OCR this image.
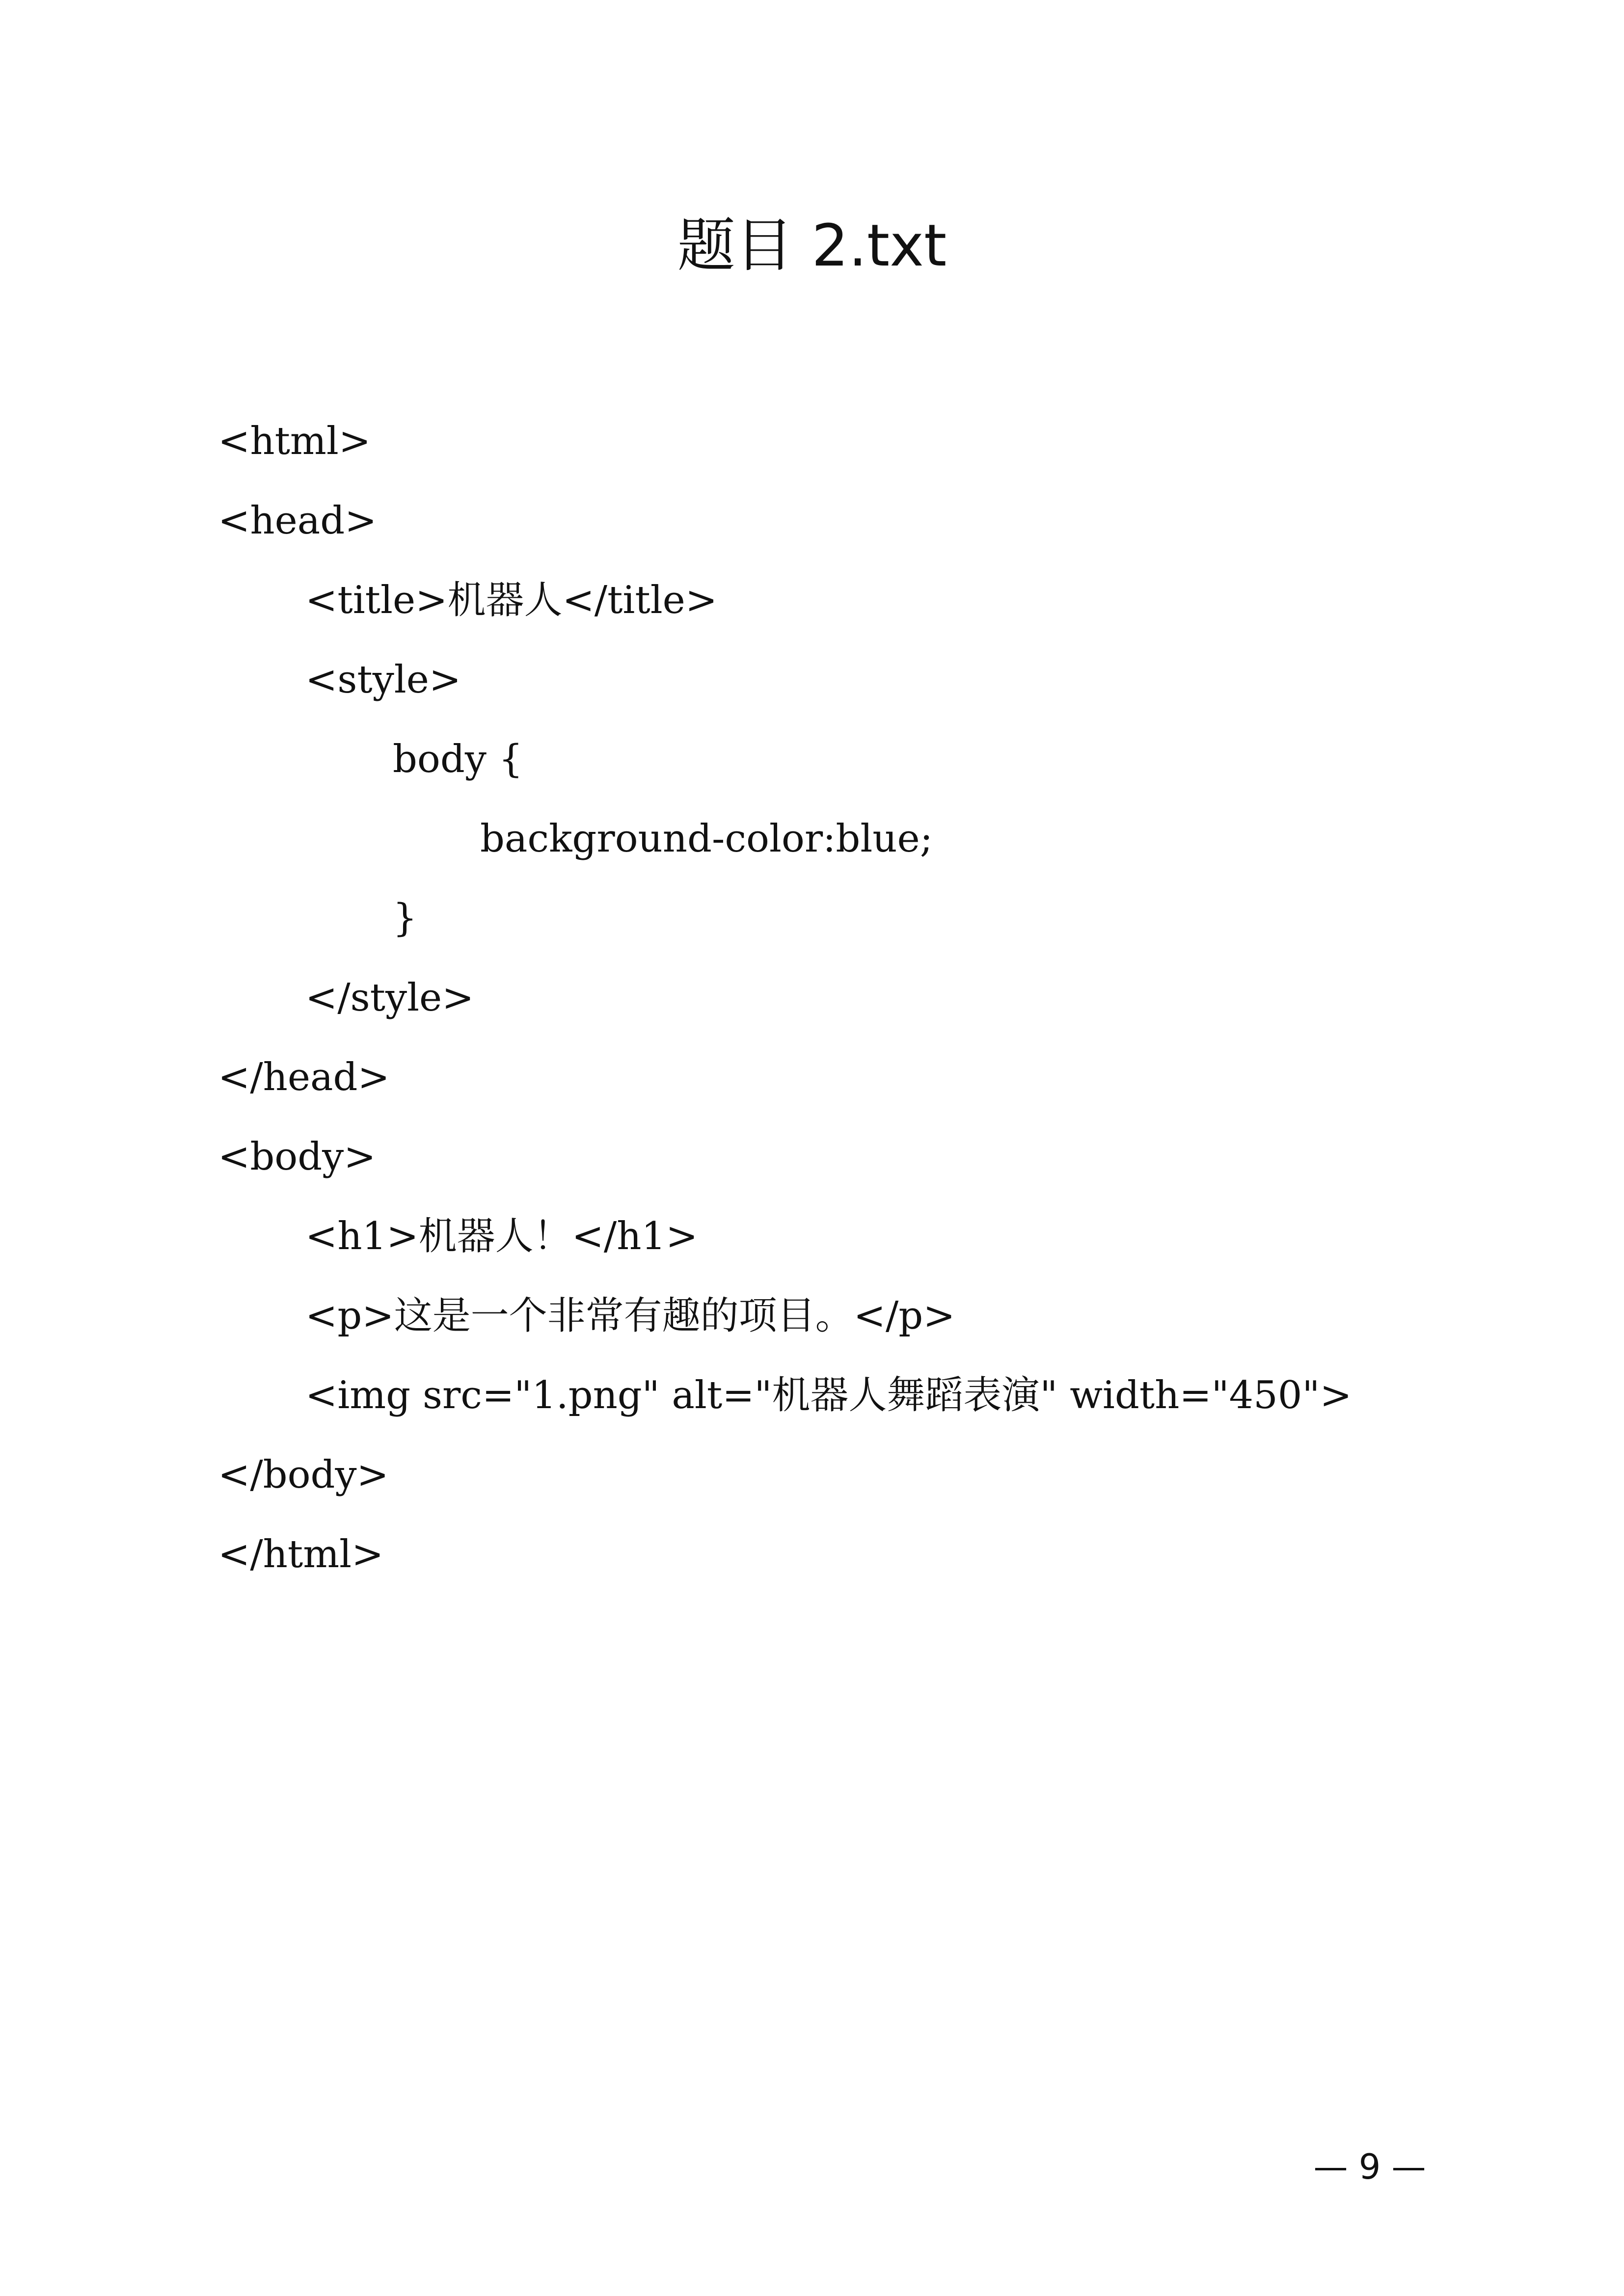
题目 2.txt
<html>
<head>
<title>机器人</title>
<style>
body {
background-color:blue;
}
</style>
</head>
<body>
<h1>机器人！</h1>
<p>这是一个非常有趣的项目。</p>
<img src="1.png" alt="机器人舞蹈表演" width="450">
</body>
</html>
— 9 —
